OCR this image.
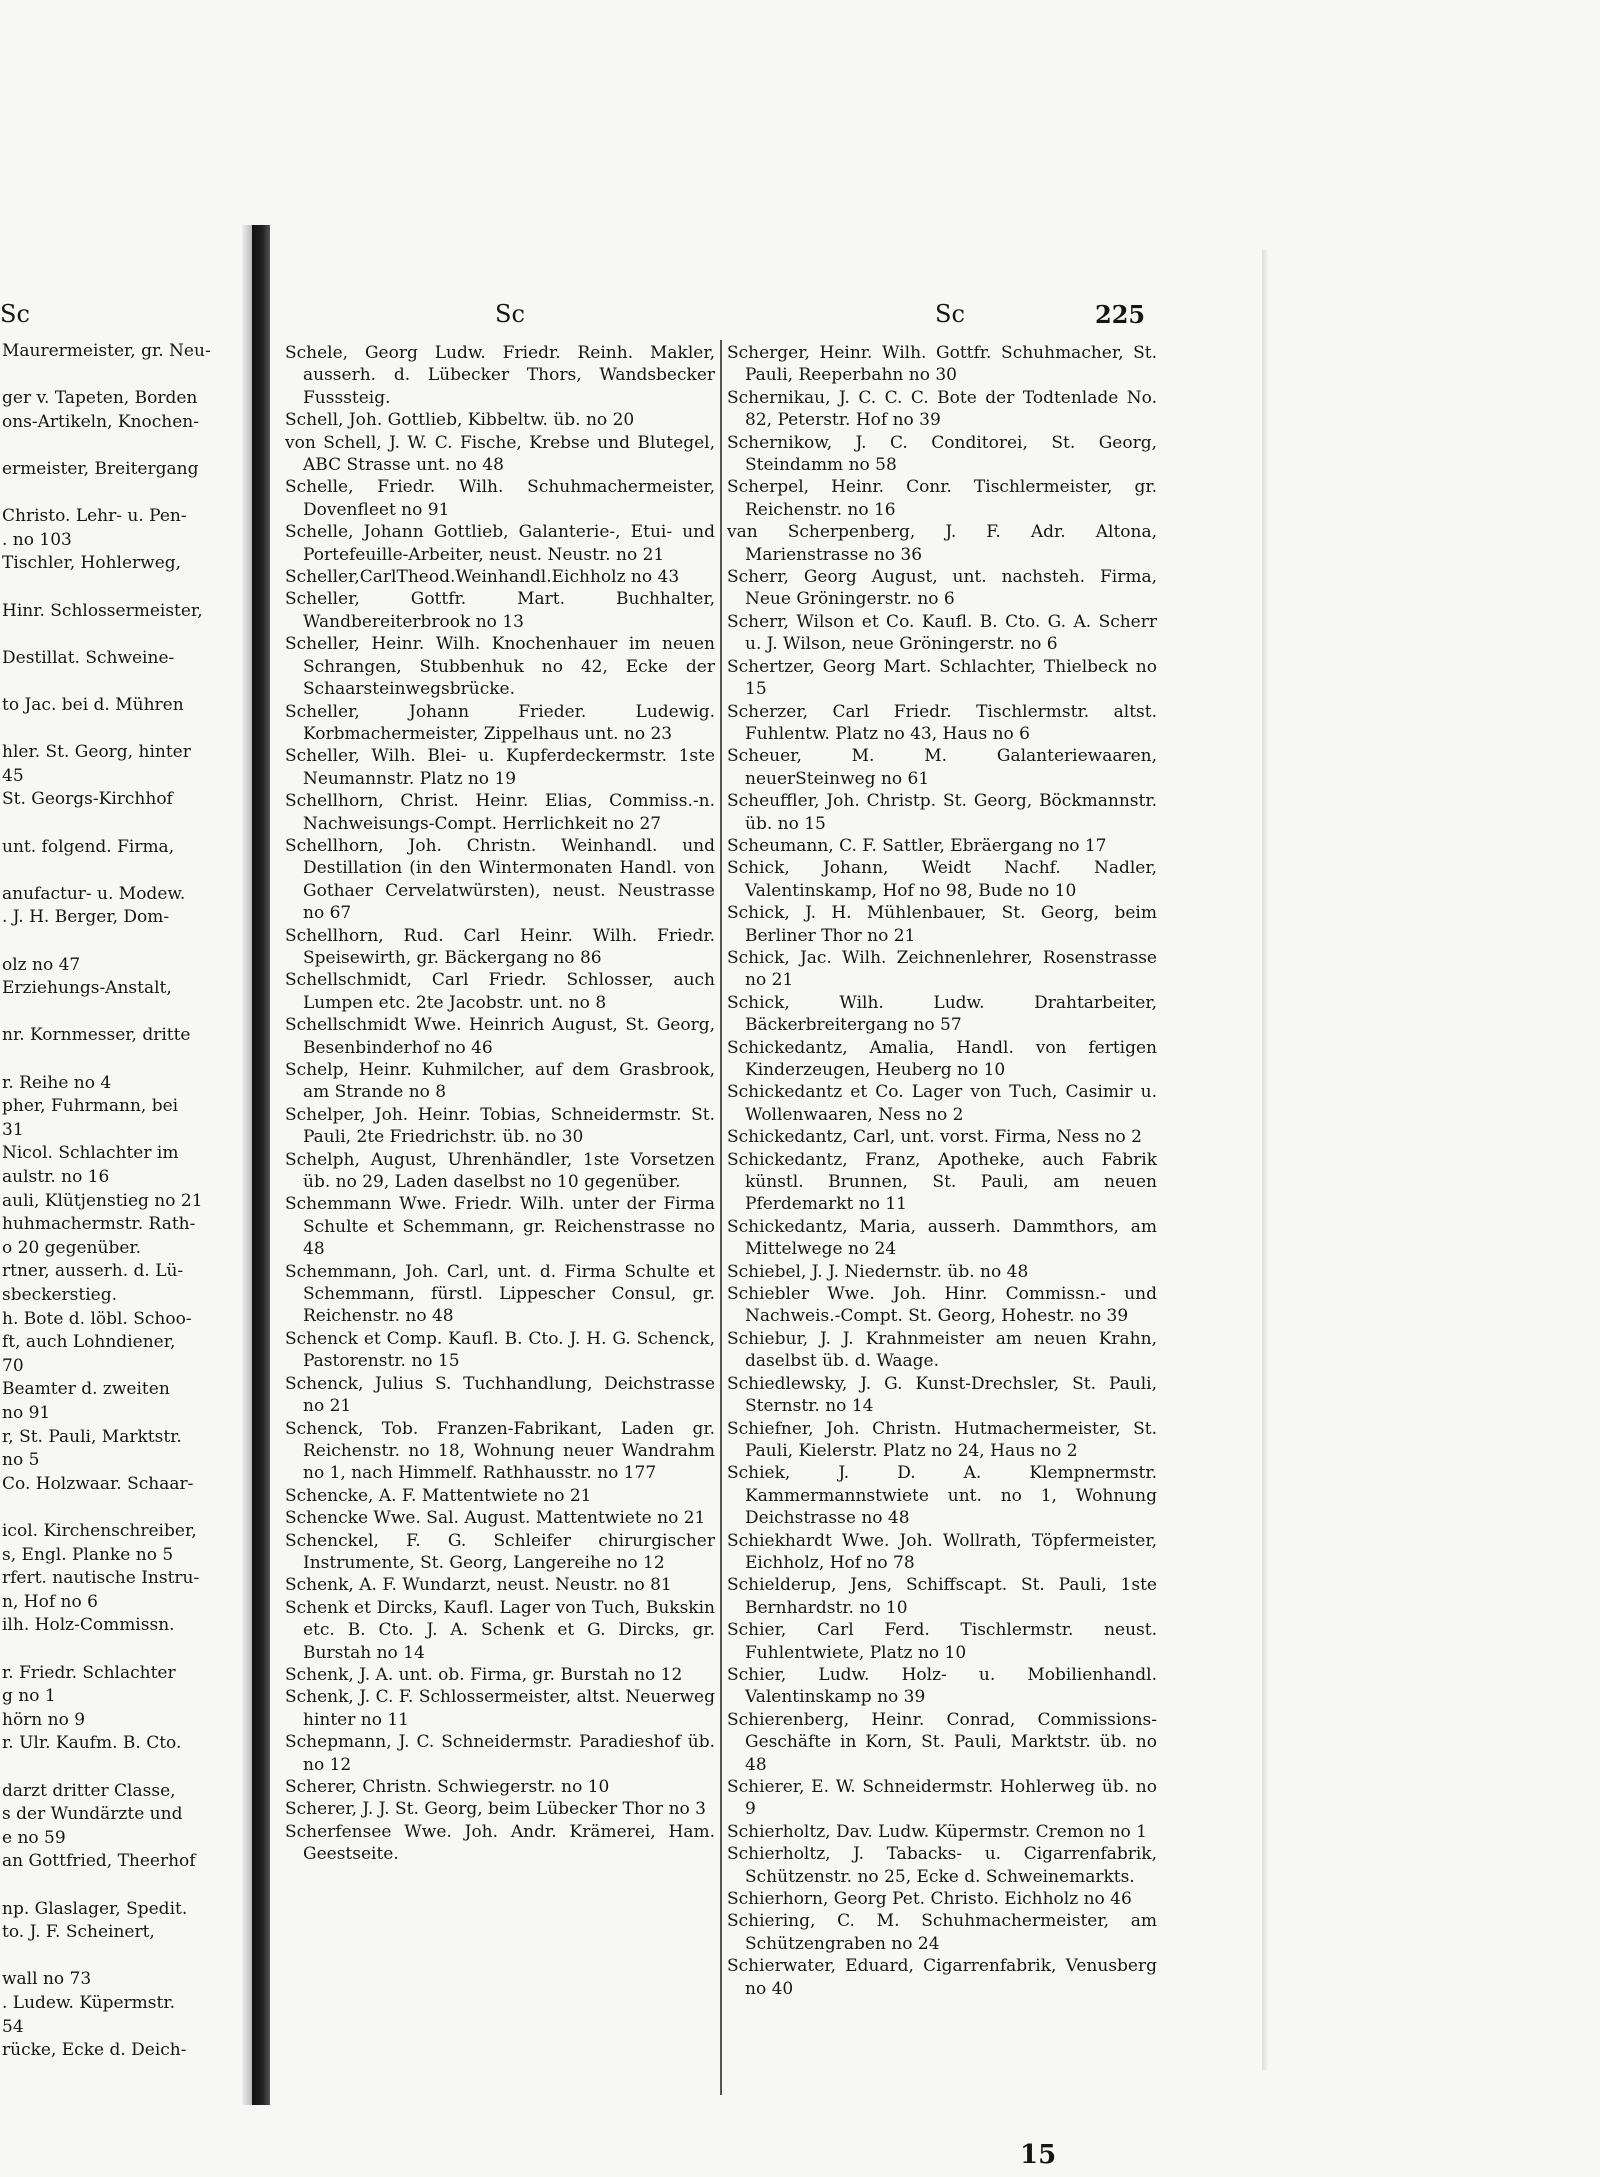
Sc
Maurermeister, gr. Neu-
ger v. Tapeten, Borden
ons-Artikeln, Knochen-
ermeister, Breitergang
Christo. Lehr- u. Pen-
. no 103
Tischler, Hohlerweg,
Hinr. Schlossermeister,
Destillat. Schweine-
to Jac. bei d. Mühren
hler. St. Georg, hinter
45
St. Georgs-Kirchhof
unt. folgend. Firma,
anufactur- u. Modew.
. J. H. Berger, Dom-
olz no 47
Erziehungs-Anstalt,
nr. Kornmesser, dritte
r. Reihe no 4
pher, Fuhrmann, bei
31
Nicol. Schlachter im
aulstr. no 16
auli, Klütjenstieg no 21
huhmachermstr. Rath-
o 20 gegenüber.
rtner, ausserh. d. Lü-
sbeckerstieg.
h. Bote d. löbl. Schoo-
ft, auch Lohndiener,
70
Beamter d. zweiten
no 91
r, St. Pauli, Marktstr.
no 5
Co. Holzwaar. Schaar-
icol. Kirchenschreiber,
s, Engl. Planke no 5
rfert. nautische Instru-
n, Hof no 6
ilh. Holz-Commissn.
r. Friedr. Schlachter
g no 1
hörn no 9
r. Ulr. Kaufm. B. Cto.
darzt dritter Classe,
s der Wundärzte und
e no 59
an Gottfried, Theerhof
np. Glaslager, Spedit.
to. J. F. Scheinert,
wall no 73
. Ludew. Küpermstr.
54
rücke, Ecke d. Deich-
Sc	Sc	225

Schele, Georg Ludw. Friedr. Reinh. Makler, ausserh. d. Lübecker Thors, Wandsbecker Fusssteig.

Schell, Joh. Gottlieb, Kibbeltw. üb. no 20

von Schell, J. W. C. Fische, Krebse und Blutegel, ABC Strasse unt. no 48

Schelle, Friedr. Wilh. Schuhmachermeister, Dovenfleet no 91

Schelle, Johann Gottlieb, Galanterie-, Etui- und Portefeuille-Arbeiter, neust. Neustr. no 21

Scheller,CarlTheod.Weinhandl.Eichholz no 43

Scheller, Gottfr. Mart. Buchhalter, Wandbereiterbrook no 13

Scheller, Heinr. Wilh. Knochenhauer im neuen Schrangen, Stubbenhuk no 42, Ecke der Schaarsteinwegsbrücke.

Scheller, Johann Frieder. Ludewig. Korbmachermeister, Zippelhaus unt. no 23

Scheller, Wilh. Blei- u. Kupferdeckermstr. 1ste Neumannstr. Platz no 19

Schellhorn, Christ. Heinr. Elias, Commiss.-n. Nachweisungs-Compt. Herrlichkeit no 27

Schellhorn, Joh. Christn. Weinhandl. und Destillation (in den Wintermonaten Handl. von Gothaer Cervelatwürsten), neust. Neustrasse no 67

Schellhorn, Rud. Carl Heinr. Wilh. Friedr. Speisewirth, gr. Bäckergang no 86

Schellschmidt, Carl Friedr. Schlosser, auch Lumpen etc. 2te Jacobstr. unt. no 8

Schellschmidt Wwe. Heinrich August, St. Georg, Besenbinderhof no 46

Schelp, Heinr. Kuhmilcher, auf dem Grasbrook, am Strande no 8

Schelper, Joh. Heinr. Tobias, Schneidermstr. St. Pauli, 2te Friedrichstr. üb. no 30

Schelph, August, Uhrenhändler, 1ste Vorsetzen üb. no 29, Laden daselbst no 10 gegenüber.

Schemmann Wwe. Friedr. Wilh. unter der Firma Schulte et Schemmann, gr. Reichenstrasse no 48

Schemmann, Joh. Carl, unt. d. Firma Schulte et Schemmann, fürstl. Lippescher Consul, gr. Reichenstr. no 48

Schenck et Comp. Kaufl. B. Cto. J. H. G. Schenck, Pastorenstr. no 15

Schenck, Julius S. Tuchhandlung, Deichstrasse no 21

Schenck, Tob. Franzen-Fabrikant, Laden gr. Reichenstr. no 18, Wohnung neuer Wandrahm no 1, nach Himmelf. Rathhausstr. no 177

Schencke, A. F. Mattentwiete no 21

Schencke Wwe. Sal. August. Mattentwiete no 21

Schenckel, F. G. Schleifer chirurgischer Instrumente, St. Georg, Langereihe no 12

Schenk, A. F. Wundarzt, neust. Neustr. no 81

Schenk et Dircks, Kaufl. Lager von Tuch, Bukskin etc. B. Cto. J. A. Schenk et G. Dircks, gr. Burstah no 14

Schenk, J. A. unt. ob. Firma, gr. Burstah no 12

Schenk, J. C. F. Schlossermeister, altst. Neuerweg hinter no 11

Schepmann, J. C. Schneidermstr. Paradieshof üb. no 12

Scherer, Christn. Schwiegerstr. no 10

Scherer, J. J. St. Georg, beim Lübecker Thor no 3

Scherfensee Wwe. Joh. Andr. Krämerei, Ham. Geestseite.

Scherger, Heinr. Wilh. Gottfr. Schuhmacher, St. Pauli, Reeperbahn no 30

Schernikau, J. C. C. C. Bote der Todtenlade No. 82, Peterstr. Hof no 39

Schernikow, J. C. Conditorei, St. Georg, Steindamm no 58

Scherpel, Heinr. Conr. Tischlermeister, gr. Reichenstr. no 16

van Scherpenberg, J. F. Adr. Altona, Marienstrasse no 36

Scherr, Georg August, unt. nachsteh. Firma, Neue Gröningerstr. no 6

Scherr, Wilson et Co. Kaufl. B. Cto. G. A. Scherr u. J. Wilson, neue Gröningerstr. no 6

Schertzer, Georg Mart. Schlachter, Thielbeck no 15

Scherzer, Carl Friedr. Tischlermstr. altst. Fuhlentw. Platz no 43, Haus no 6

Scheuer, M. M. Galanteriewaaren, neuerSteinweg no 61

Scheuffler, Joh. Christp. St. Georg, Böckmannstr. üb. no 15

Scheumann, C. F. Sattler, Ebräergang no 17

Schick, Johann, Weidt Nachf. Nadler, Valentinskamp, Hof no 98, Bude no 10

Schick, J. H. Mühlenbauer, St. Georg, beim Berliner Thor no 21

Schick, Jac. Wilh. Zeichnenlehrer, Rosenstrasse no 21

Schick, Wilh. Ludw. Drahtarbeiter, Bäckerbreitergang no 57

Schickedantz, Amalia, Handl. von fertigen Kinderzeugen, Heuberg no 10

Schickedantz et Co. Lager von Tuch, Casimir u. Wollenwaaren, Ness no 2

Schickedantz, Carl, unt. vorst. Firma, Ness no 2

Schickedantz, Franz, Apotheke, auch Fabrik künstl. Brunnen, St. Pauli, am neuen Pferdemarkt no 11

Schickedantz, Maria, ausserh. Dammthors, am Mittelwege no 24

Schiebel, J. J. Niedernstr. üb. no 48

Schiebler Wwe. Joh. Hinr. Commissn.- und Nachweis.-Compt. St. Georg, Hohestr. no 39

Schiebur, J. J. Krahnmeister am neuen Krahn, daselbst üb. d. Waage.

Schiedlewsky, J. G. Kunst-Drechsler, St. Pauli, Sternstr. no 14

Schiefner, Joh. Christn. Hutmachermeister, St. Pauli, Kielerstr. Platz no 24, Haus no 2

Schiek, J. D. A. Klempnermstr. Kammermannstwiete unt. no 1, Wohnung Deichstrasse no 48

Schiekhardt Wwe. Joh. Wollrath, Töpfermeister, Eichholz, Hof no 78

Schielderup, Jens, Schiffscapt. St. Pauli, 1ste Bernhardstr. no 10

Schier, Carl Ferd. Tischlermstr. neust. Fuhlentwiete, Platz no 10

Schier, Ludw. Holz- u. Mobilienhandl. Valentinskamp no 39

Schierenberg, Heinr. Conrad, Commissions-Geschäfte in Korn, St. Pauli, Marktstr. üb. no 48

Schierer, E. W. Schneidermstr. Hohlerweg üb. no 9

Schierholtz, Dav. Ludw. Küpermstr. Cremon no 1

Schierholtz, J. Tabacks- u. Cigarrenfabrik, Schützenstr. no 25, Ecke d. Schweinemarkts.

Schierhorn, Georg Pet. Christo. Eichholz no 46

Schiering, C. M. Schuhmachermeister, am Schützengraben no 24

Schierwater, Eduard, Cigarrenfabrik, Venusberg no 40

15
